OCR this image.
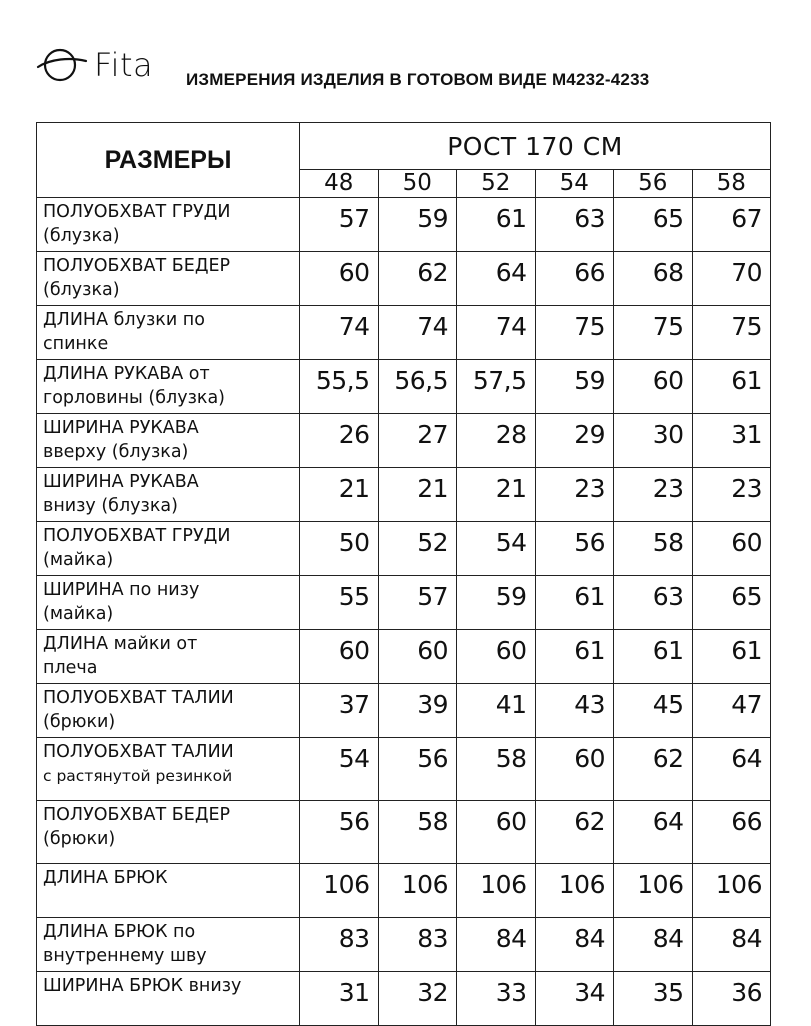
Fita ИЗМЕРЕНИЯ ИЗДЕЛИЯ В ГОТОВОМ ВИДЕ М4232-4233
РАЗМЕРЫ	РОСТ 170 СМ					
	48	50	52	54	56	58

ПОЛУОБХВАТ ГРУДИ
(блузка)	57	59	61	63	65	67

ПОЛУОБХВАТ БЕДЕР
(блузка)	60	62	64	66	68	70

ДЛИНА блузки по
спинке	74	74	74	75	75	75

ДЛИНА РУКАВА от
горловины (блузка)	55,5	56,5	57,5	59	60	61

ШИРИНА РУКАВА
вверху (блузка)	26	27	28	29	30	31

ШИРИНА РУКАВА
внизу (блузка)	21	21	21	23	23	23

ПОЛУОБХВАТ ГРУДИ
(майка)	50	52	54	56	58	60

ШИРИНА по низу
(майка)	55	57	59	61	63	65

ДЛИНА майки от
плеча	60	60	60	61	61	61

ПОЛУОБХВАТ ТАЛИИ
(брюки)	37	39	41	43	45	47

ПОЛУОБХВАТ ТАЛИИ
с растянутой резинкой	54	56	58	60	62	64

ПОЛУОБХВАТ БЕДЕР
(брюки)	56	58	60	62	64	66

ДЛИНА БРЮК	106	106	106	106	106	106

ДЛИНА БРЮК по
внутреннему шву	83	83	84	84	84	84

ШИРИНА БРЮК внизу	31	32	33	34	35	36
